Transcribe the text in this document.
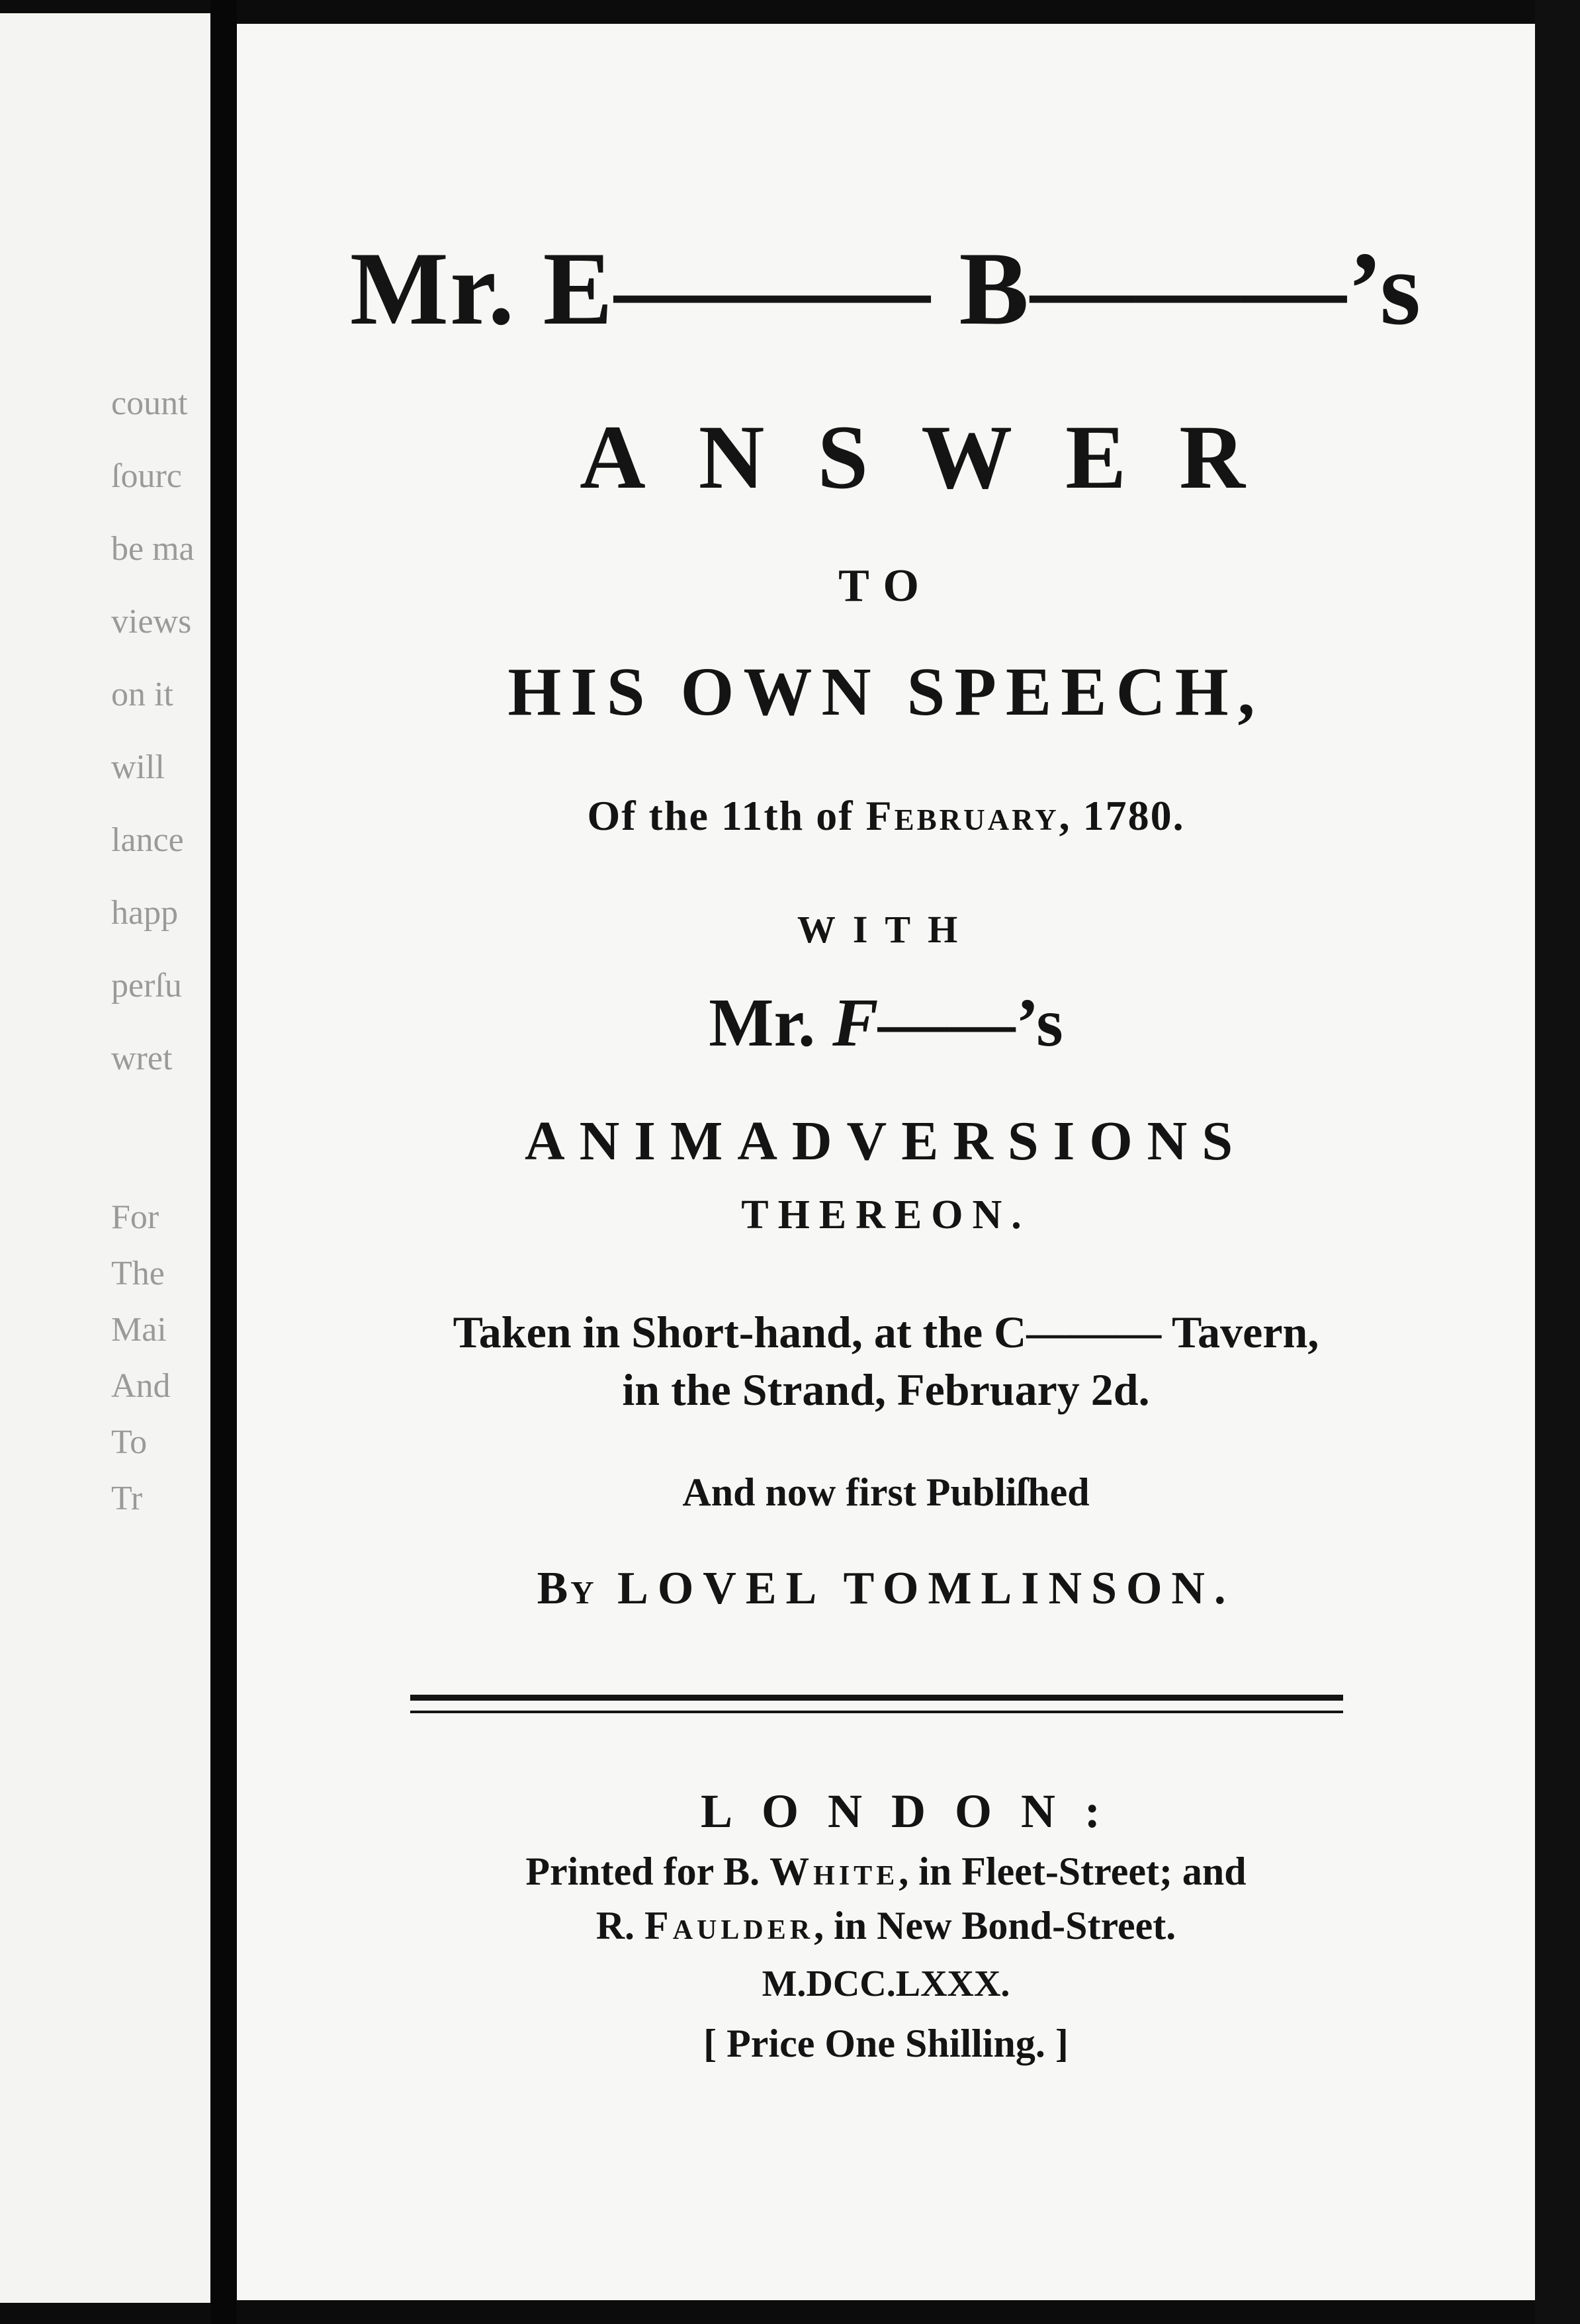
count
ſourc
be ma
views
on it
will
lance
happ
perſu
wret
For
The
Mai
And
To
Tr
Mr. E——— B———’s
ANSWER
TO
HIS OWN SPEECH,
Of the 11th of February, 1780.
WITH
Mr. F——’s
ANIMADVERSIONS
THEREON.
Taken in Short-hand, at the C——— Tavern,
in the Strand, February 2d.
And now first Publiſhed
By LOVEL TOMLINSON.
LONDON:
Printed for B. White, in Fleet-Street; and
R. Faulder, in New Bond-Street.
M.DCC.LXXX.
[ Price One Shilling. ]
